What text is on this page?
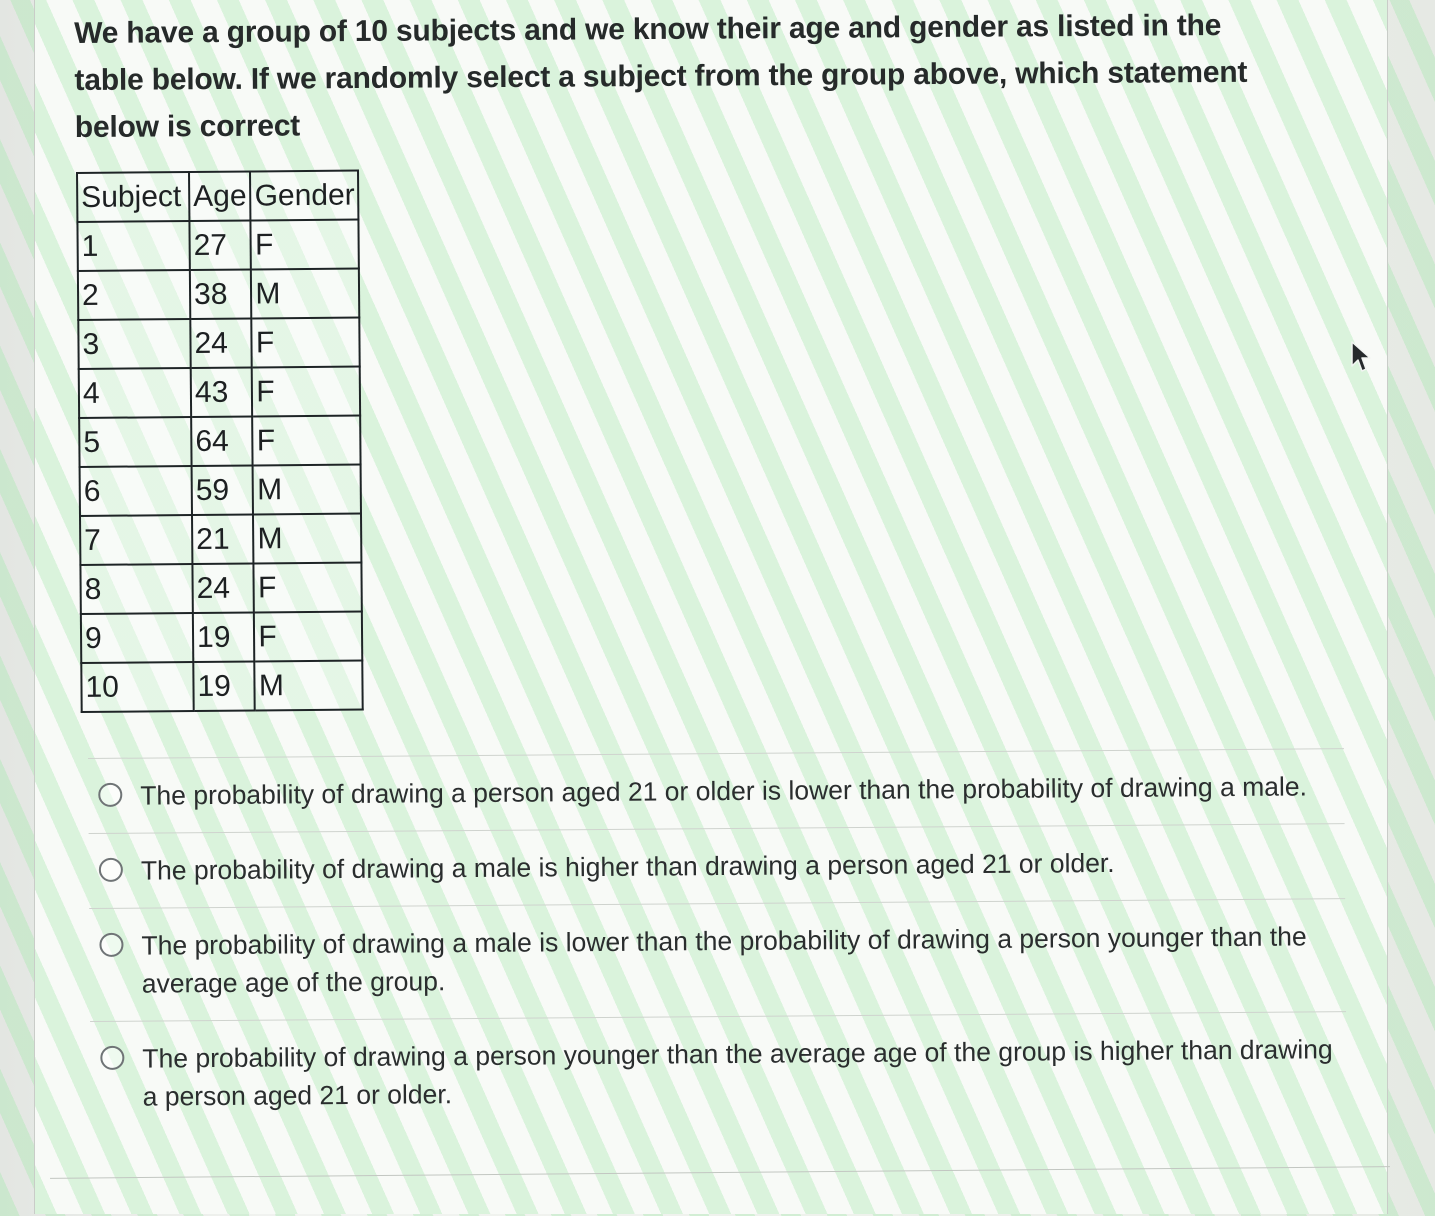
We have a group of 10 subjects and we know their age and gender as listed in the table below. If we randomly select a subject from the group above, which statement below is correct

Subject	Age	Gender
1	27	F
2	38	M
3	24	F
4	43	F
5	64	F
6	59	M
7	21	M
8	24	F
9	19	F
10	19	M
The probability of drawing a person aged 21 or older is lower than the probability of drawing a male.
The probability of drawing a male is higher than drawing a person aged 21 or older.
The probability of drawing a male is lower than the probability of drawing a person younger than the average age of the group.
The probability of drawing a person younger than the average age of the group is higher than drawing a person aged 21 or older.
